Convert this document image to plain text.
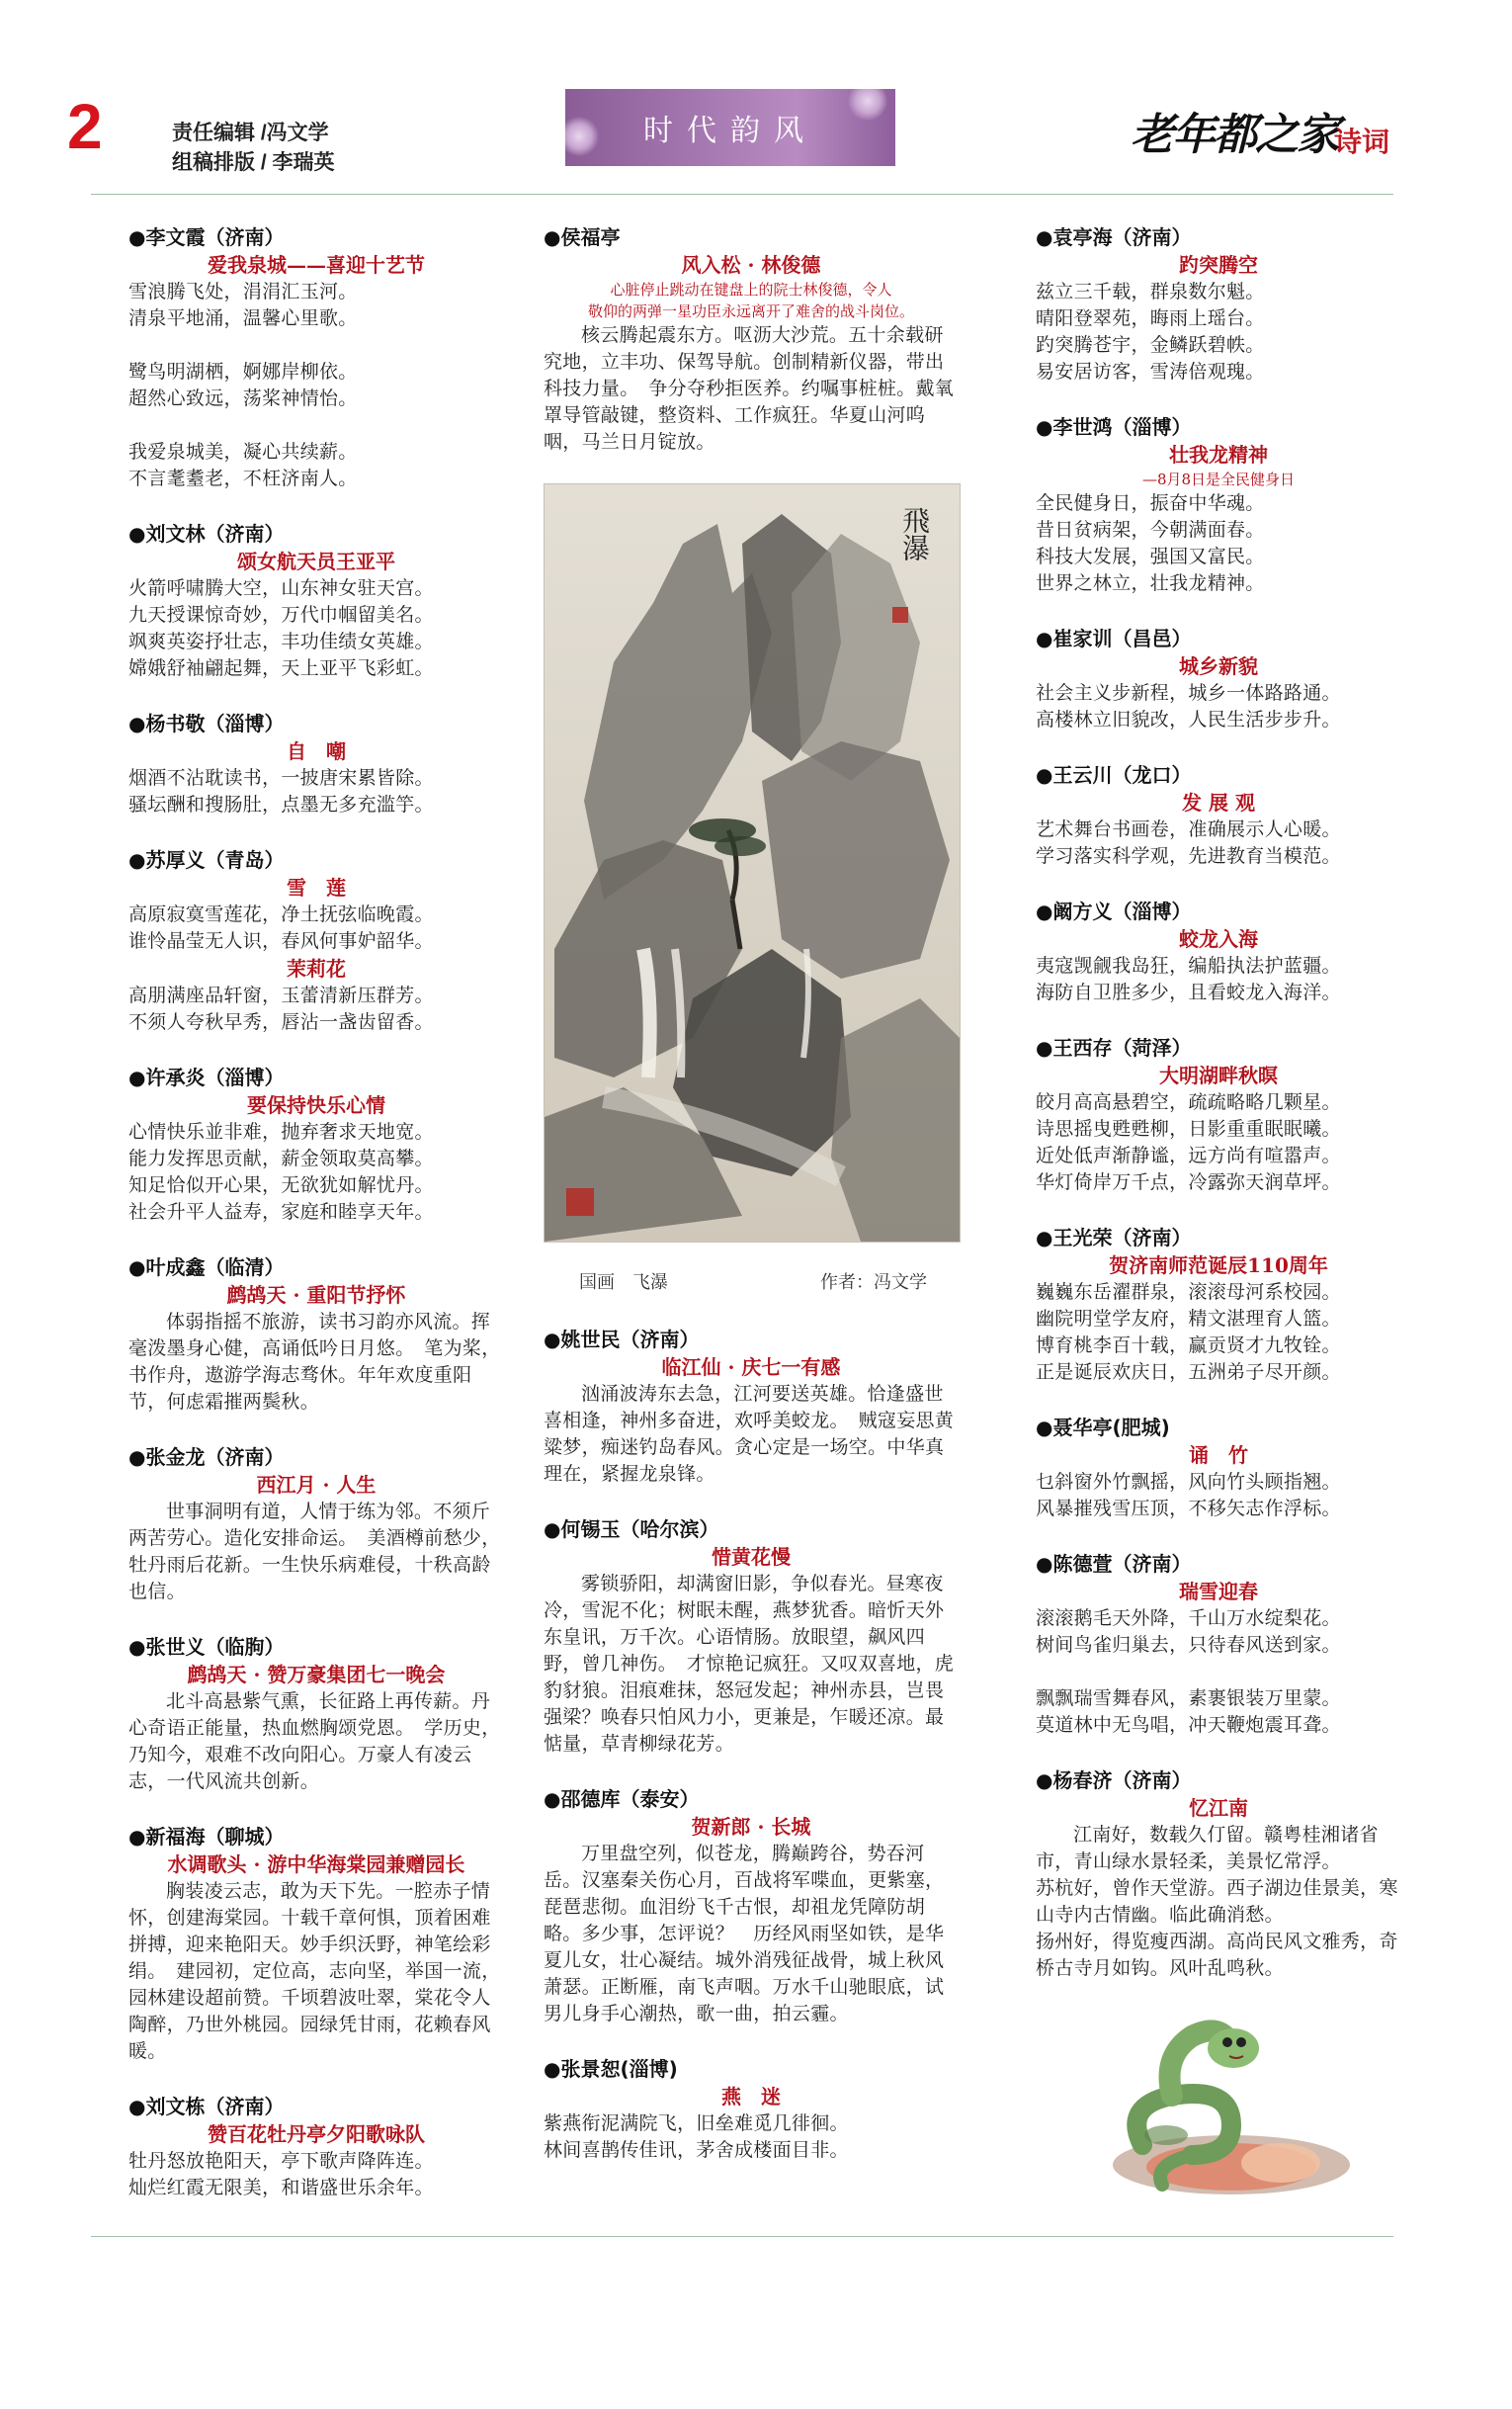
2	责任编辑 /冯文学
组稿排版 / 李瑞英
时代韵风	老年都之家
诗词
●李文霞（济南）
爱我泉城——喜迎十艺节
雪浪腾飞处，涓涓汇玉河。
清泉平地涌，温馨心里歌。

鹭鸟明湖栖，婀娜岸柳依。
超然心致远，荡桨神情怡。

我爱泉城美，凝心共续薪。
不言耄耋老，不枉济南人。
●刘文林（济南）
颂女航天员王亚平
火箭呼啸腾大空，山东神女驻天宫。
九天授课惊奇妙，万代巾帼留美名。
飒爽英姿抒壮志，丰功佳绩女英雄。
嫦娥舒袖翩起舞，天上亚平飞彩虹。
●杨书敬（淄博）
自　嘲
烟酒不沾耽读书，一披唐宋累皆除。
骚坛酬和搜肠肚，点墨无多充滥竽。
●苏厚义（青岛）
雪　莲
高原寂寞雪莲花，净土抚弦临晚霞。
谁怜晶莹无人识，春风何事妒韶华。
茉莉花
高朋满座品轩窗，玉蕾清新压群芳。
不须人夸秋早秀，唇沾一盏齿留香。
●许承炎（淄博）
要保持快乐心情
心情快乐並非难，抛弃奢求天地宽。
能力发挥思贡献，薪金领取莫高攀。
知足恰似开心果，无欲犹如解忧丹。
社会升平人益寿，家庭和睦享天年。
●叶成鑫（临清）
鹧鸪天 · 重阳节抒怀
体弱指摇不旅游，读书习韵亦风流。挥毫泼墨身心健，高诵低吟日月悠。　笔为桨，书作舟，遨游学海志骛休。年年欢度重阳节，何虑霜摧两鬓秋。
●张金龙（济南）
西江月 · 人生
世事洞明有道，人情于练为邻。不须斤两苦劳心。造化安排命运。　美酒樽前愁少，牡丹雨后花新。一生快乐病难侵，十秩高龄也信。
●张世义（临朐）
鹧鸪天 · 赞万豪集团七一晚会
北斗高悬紫气熏，长征路上再传薪。丹心奇语正能量，热血燃胸颂党恩。　学历史，乃知今，艰难不改向阳心。万豪人有凌云志，一代风流共创新。
●新福海（聊城）
水调歌头 · 游中华海棠园兼赠园长
胸装凌云志，敢为天下先。一腔赤子情怀，创建海棠园。十载千章何惧，顶着困难拼搏，迎来艳阳天。妙手织沃野，神笔绘彩绢。　建园初，定位高，志向坚，举国一流，园林建设超前赞。千顷碧波吐翠，棠花令人陶醉，乃世外桃园。园绿凭甘雨，花赖春风暖。
●刘文栋（济南）
赞百花牡丹亭夕阳歌咏队
牡丹怒放艳阳天，亭下歌声降阵连。
灿烂红霞无限美，和谐盛世乐余年。
●侯福亭
风入松 · 林俊德
心脏停止跳动在键盘上的院士林俊德，令人
敬仰的两弹一星功臣永远离开了难舍的战斗岗位。
核云腾起震东方。呕沥大沙荒。五十余载研究地，立丰功、保驾导航。创制精新仪器，带出科技力量。　争分夺秒拒医养。约嘱事桩桩。戴氧罩导管敲键，整资料、工作疯狂。华夏山河呜咽，马兰日月锭放。
飛瀑
国画　飞瀑	作者：冯文学
●姚世民（济南）
临江仙 · 庆七一有感
汹涌波涛东去急，江河要送英雄。恰逢盛世喜相逢，神州多奋进，欢呼美蛟龙。　贼寇妄思黄粱梦，痴迷钓岛春风。贪心定是一场空。中华真理在，紧握龙泉锋。
●何锡玉（哈尔滨）
惜黄花慢
雾锁骄阳，却满窗旧影，争似春光。昼寒夜冷，雪泥不化；树眠未醒，燕梦犹香。暗忻天外东皇讯，万千次。心语情肠。放眼望，飙风四野，曾几神伤。　才惊艳记疯狂。又叹双喜地，虎豹豺狼。泪痕难抹，怒冠发起；神州赤县，岂畏强梁？唤春只怕风力小，更兼是，乍暖还凉。最惦量，草青柳绿花芳。
●邵德库（泰安）
贺新郎 · 长城
万里盘空列，似苍龙，腾巅跨谷，势吞河岳。汉塞秦关伤心月，百战将军喋血，更紫塞，琵琶悲彻。血泪纷飞千古恨，却祖龙凭障防胡略。多少事，怎评说？　历经风雨坚如铁，是华夏儿女，壮心凝结。城外消残征战骨，城上秋风萧瑟。正断雁，南飞声咽。万水千山驰眼底，试男儿身手心潮热，歌一曲，拍云霾。
●张景恕(淄博)
燕　迷
紫燕衔泥满院飞，旧垒难觅几徘徊。
林间喜鹊传佳讯，茅舍成楼面目非。
●袁亭海（济南）
趵突腾空
兹立三千载，群泉数尔魁。
晴阳登翠苑，晦雨上瑶台。
趵突腾苍宇，金鳞跃碧帙。
易安居访客，雪涛倍观瑰。
●李世鸿（淄博）
壮我龙精神
—8月8日是全民健身日
全民健身日，振奋中华魂。
昔日贫病架，今朝满面春。
科技大发展，强国又富民。
世界之林立，壮我龙精神。
●崔家训（昌邑）
城乡新貌
社会主义步新程，城乡一体路路通。
高楼林立旧貌改，人民生活步步升。
●王云川（龙口）
发 展 观
艺术舞台书画卷，准确展示人心暖。
学习落实科学观，先进教育当模范。
●阚方义（淄博）
蛟龙入海
夷寇觊觎我岛狂，编船执法护蓝疆。
海防自卫胜多少，且看蛟龙入海洋。
●王西存（菏泽）
大明湖畔秋暝
皎月高高悬碧空，疏疏略略几颗星。
诗思摇曳甦甦柳，日影重重眠眠曦。
近处低声渐静谧，远方尚有喧嚣声。
华灯倚岸万千点，冷露弥天润草坪。
●王光荣（济南）
贺济南师范诞辰110周年
巍巍东岳濯群泉，滚滚母河系校园。
幽院明堂学友府，精文湛理育人篮。
博育桃李百十载，赢贡贤才九牧铨。
正是诞辰欢庆日，五洲弟子尽开颜。
●聂华亭(肥城)
诵　竹
乜斜窗外竹飘摇，风向竹头顾指翘。
风暴摧残雪压顶，不移矢志作浮标。
●陈德萱（济南）
瑞雪迎春
滚滚鹅毛天外降，千山万水绽梨花。
树间鸟雀归巢去，只待春风送到家。

飘飘瑞雪舞春风，素裹银装万里蒙。
莫道林中无鸟唱，冲天鞭炮震耳聋。
●杨春济（济南）
忆江南
江南好，数载久仃留。赣粤桂湘诸省市，青山绿水景轻柔，美景忆常浮。
苏杭好，曾作天堂游。西子湖边佳景美，寒山寺内古情幽。临此确消愁。
扬州好，得览瘦西湖。高尚民风文雅秀，奇桥古寺月如钩。风叶乱鸣秋。
